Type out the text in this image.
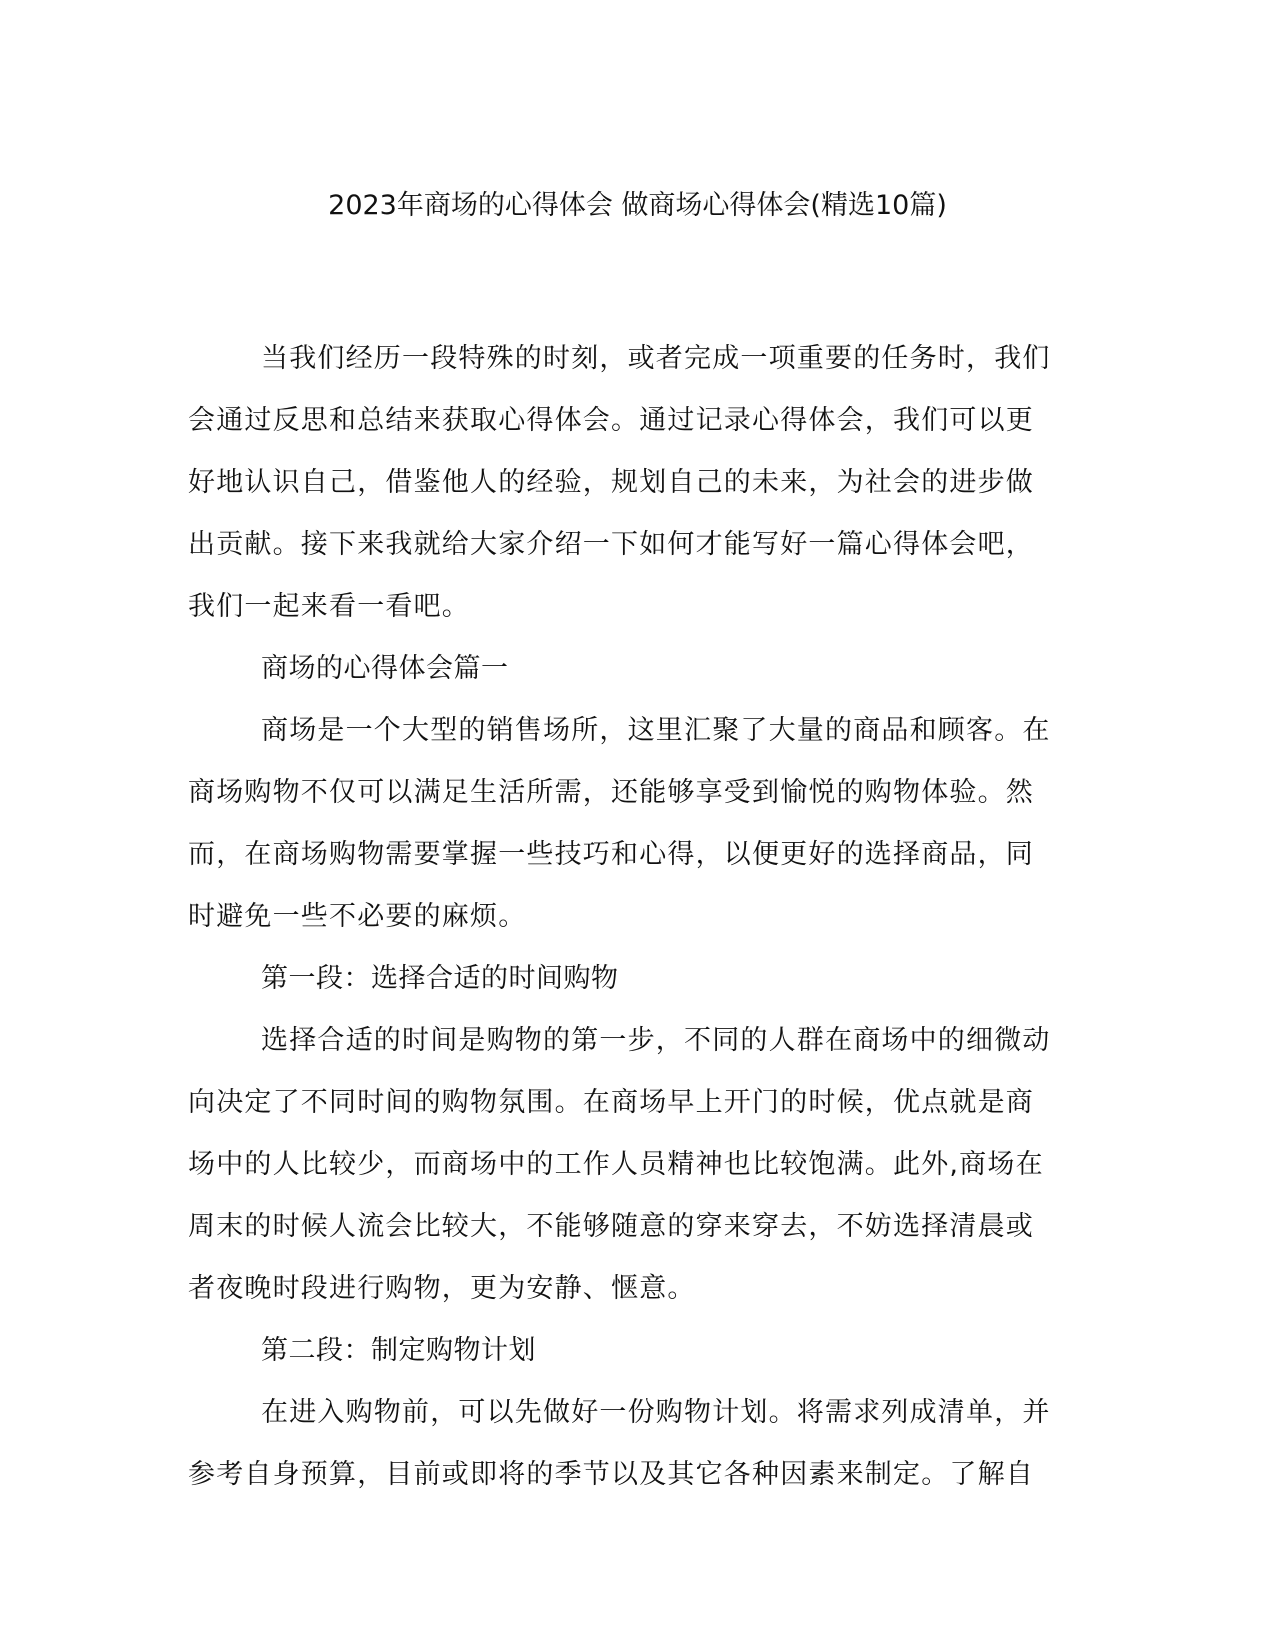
2023年商场的心得体会 做商场心得体会(精选10篇)
当我们经历一段特殊的时刻，或者完成一项重要的任务时，我们
会通过反思和总结来获取心得体会。通过记录心得体会，我们可以更
好地认识自己，借鉴他人的经验，规划自己的未来，为社会的进步做
出贡献。接下来我就给大家介绍一下如何才能写好一篇心得体会吧，
我们一起来看一看吧。
商场的心得体会篇一
商场是一个大型的销售场所，这里汇聚了大量的商品和顾客。在
商场购物不仅可以满足生活所需，还能够享受到愉悦的购物体验。然
而，在商场购物需要掌握一些技巧和心得，以便更好的选择商品，同
时避免一些不必要的麻烦。
第一段：选择合适的时间购物
选择合适的时间是购物的第一步，不同的人群在商场中的细微动
向决定了不同时间的购物氛围。在商场早上开门的时候，优点就是商
场中的人比较少，而商场中的工作人员精神也比较饱满。此外,商场在
周末的时候人流会比较大，不能够随意的穿来穿去，不妨选择清晨或
者夜晚时段进行购物，更为安静、惬意。
第二段：制定购物计划
在进入购物前，可以先做好一份购物计划。将需求列成清单，并
参考自身预算，目前或即将的季节以及其它各种因素来制定。了解自
